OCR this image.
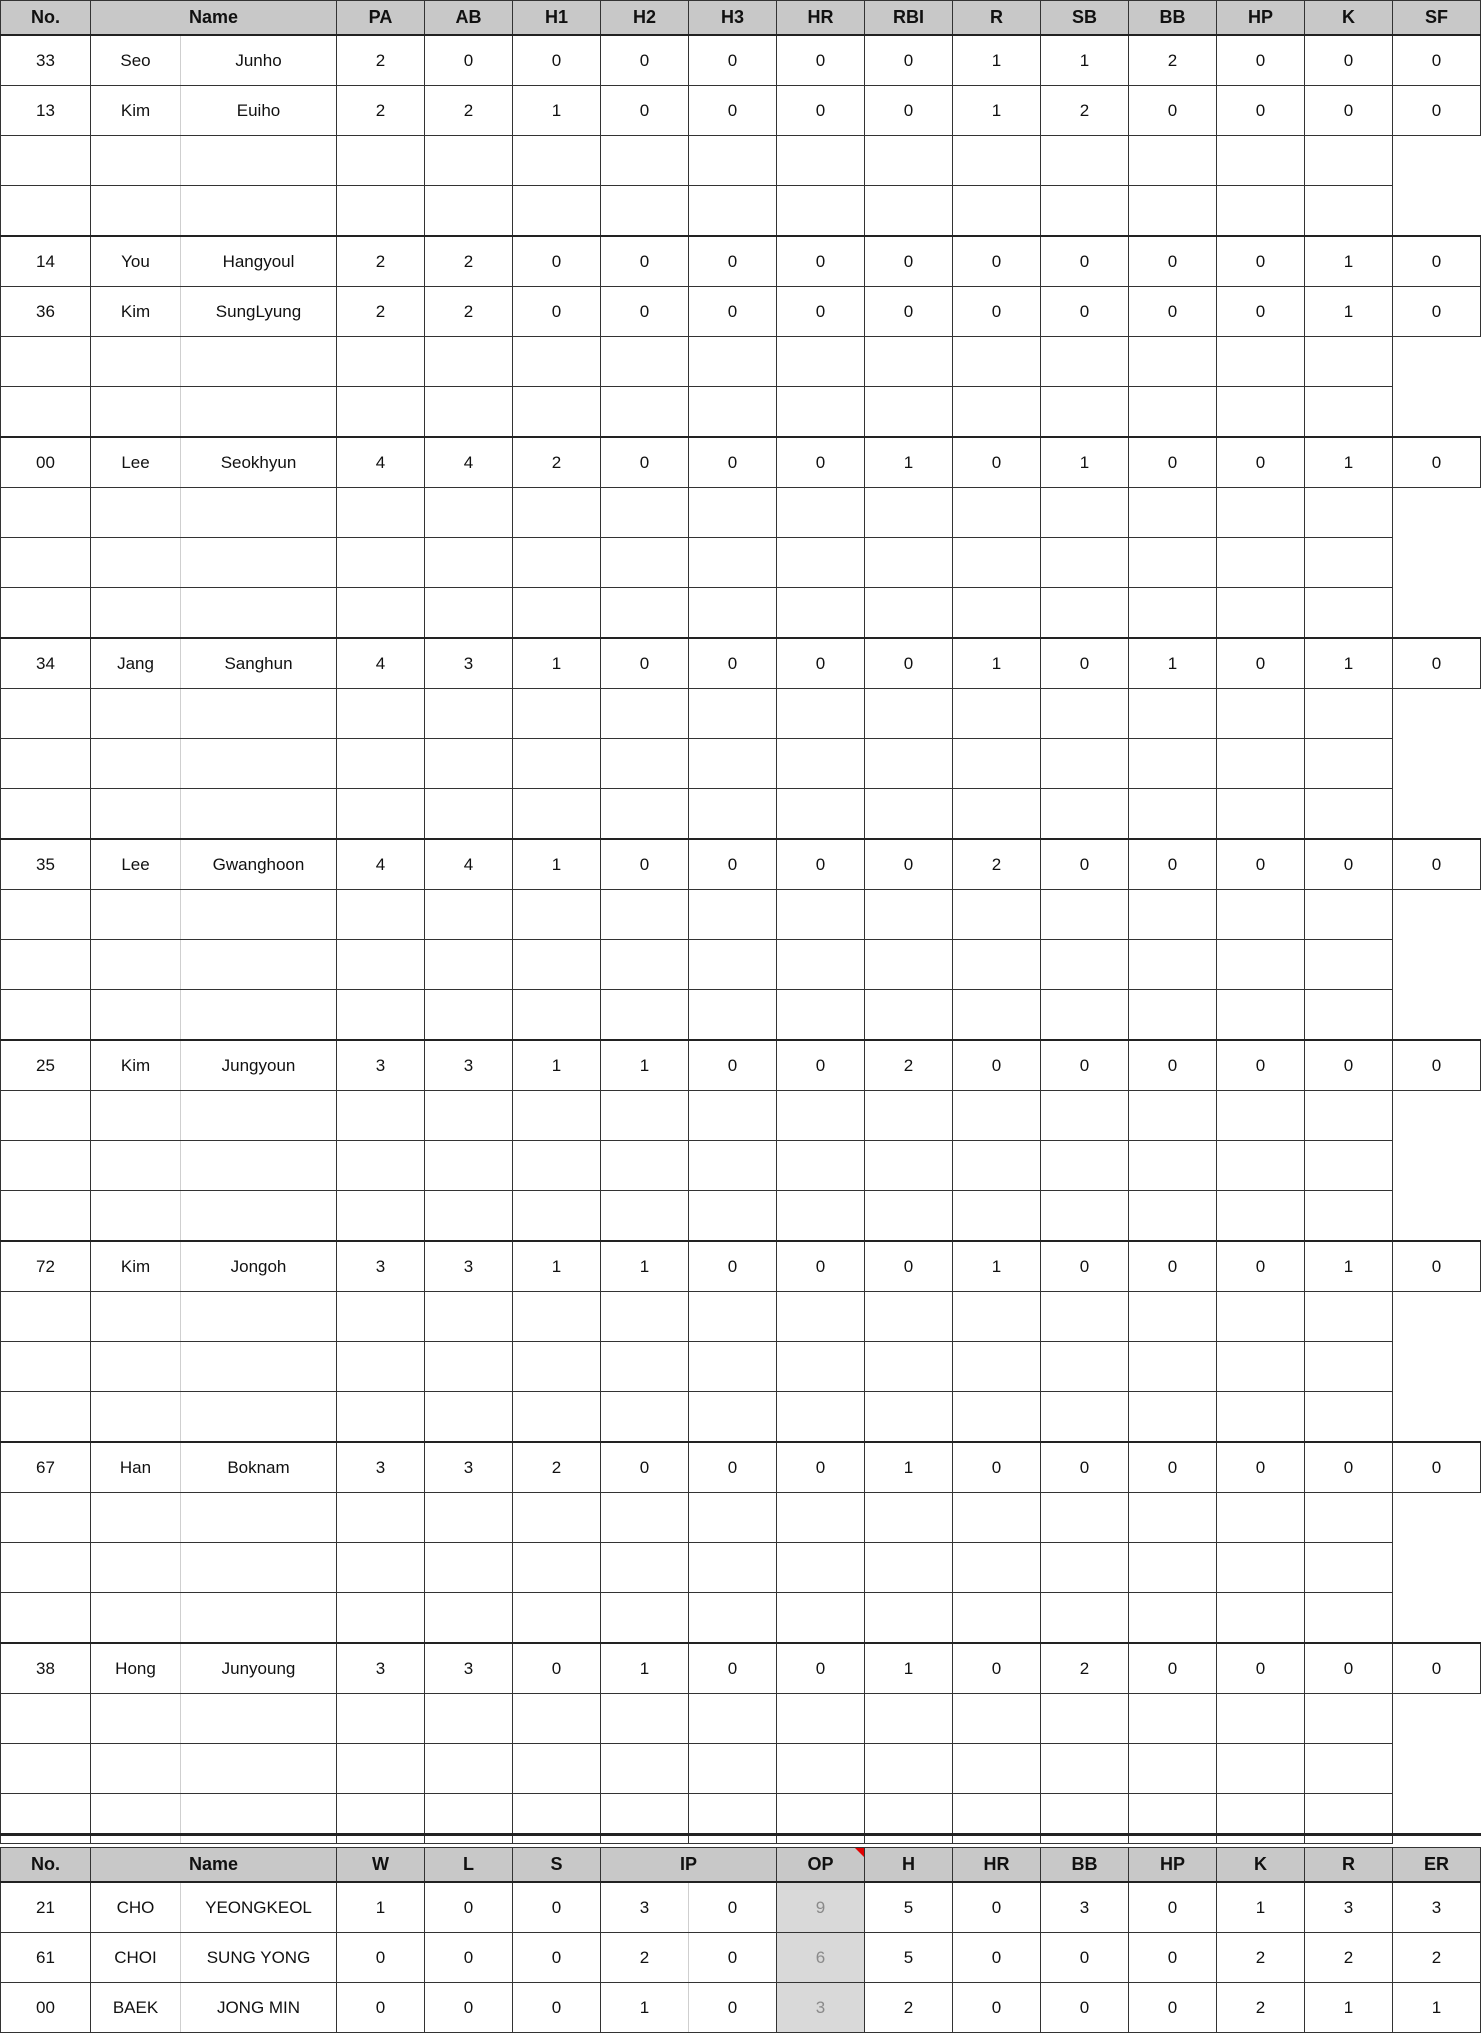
No.	Name		PA	AB	H1	H2	H3	HR	RBI	R	SB	BB	HP	K	SF
33	Seo	Junho	2	0	0	0	0	0	0	1	1	2	0	0	0
13	Kim	Euiho	2	2	1	0	0	0	0	1	2	0	0	0	0

14	You	Hangyoul	2	2	0	0	0	0	0	0	0	0	0	1	0
36	Kim	SungLyung	2	2	0	0	0	0	0	0	0	0	0	1	0

00	Lee	Seokhyun	4	4	2	0	0	0	1	0	1	0	0	1	0

34	Jang	Sanghun	4	3	1	0	0	0	0	1	0	1	0	1	0

35	Lee	Gwanghoon	4	4	1	0	0	0	0	2	0	0	0	0	0

25	Kim	Jungyoun	3	3	1	1	0	0	2	0	0	0	0	0	0

72	Kim	Jongoh	3	3	1	1	0	0	0	1	0	0	0	1	0

67	Han	Boknam	3	3	2	0	0	0	1	0	0	0	0	0	0

38	Hong	Junyoung	3	3	0	1	0	0	1	0	2	0	0	0	0

No.	Name		W	L	S	IP		OP	H	HR	BB	HP	K	R	ER
21	CHO	YEONGKEOL	1	0	0	3	0	9	5	0	3	0	1	3	3
61	CHOI	SUNG YONG	0	0	0	2	0	6	5	0	0	0	2	2	2
00	BAEK	JONG MIN	0	0	0	1	0	3	2	0	0	0	2	1	1
